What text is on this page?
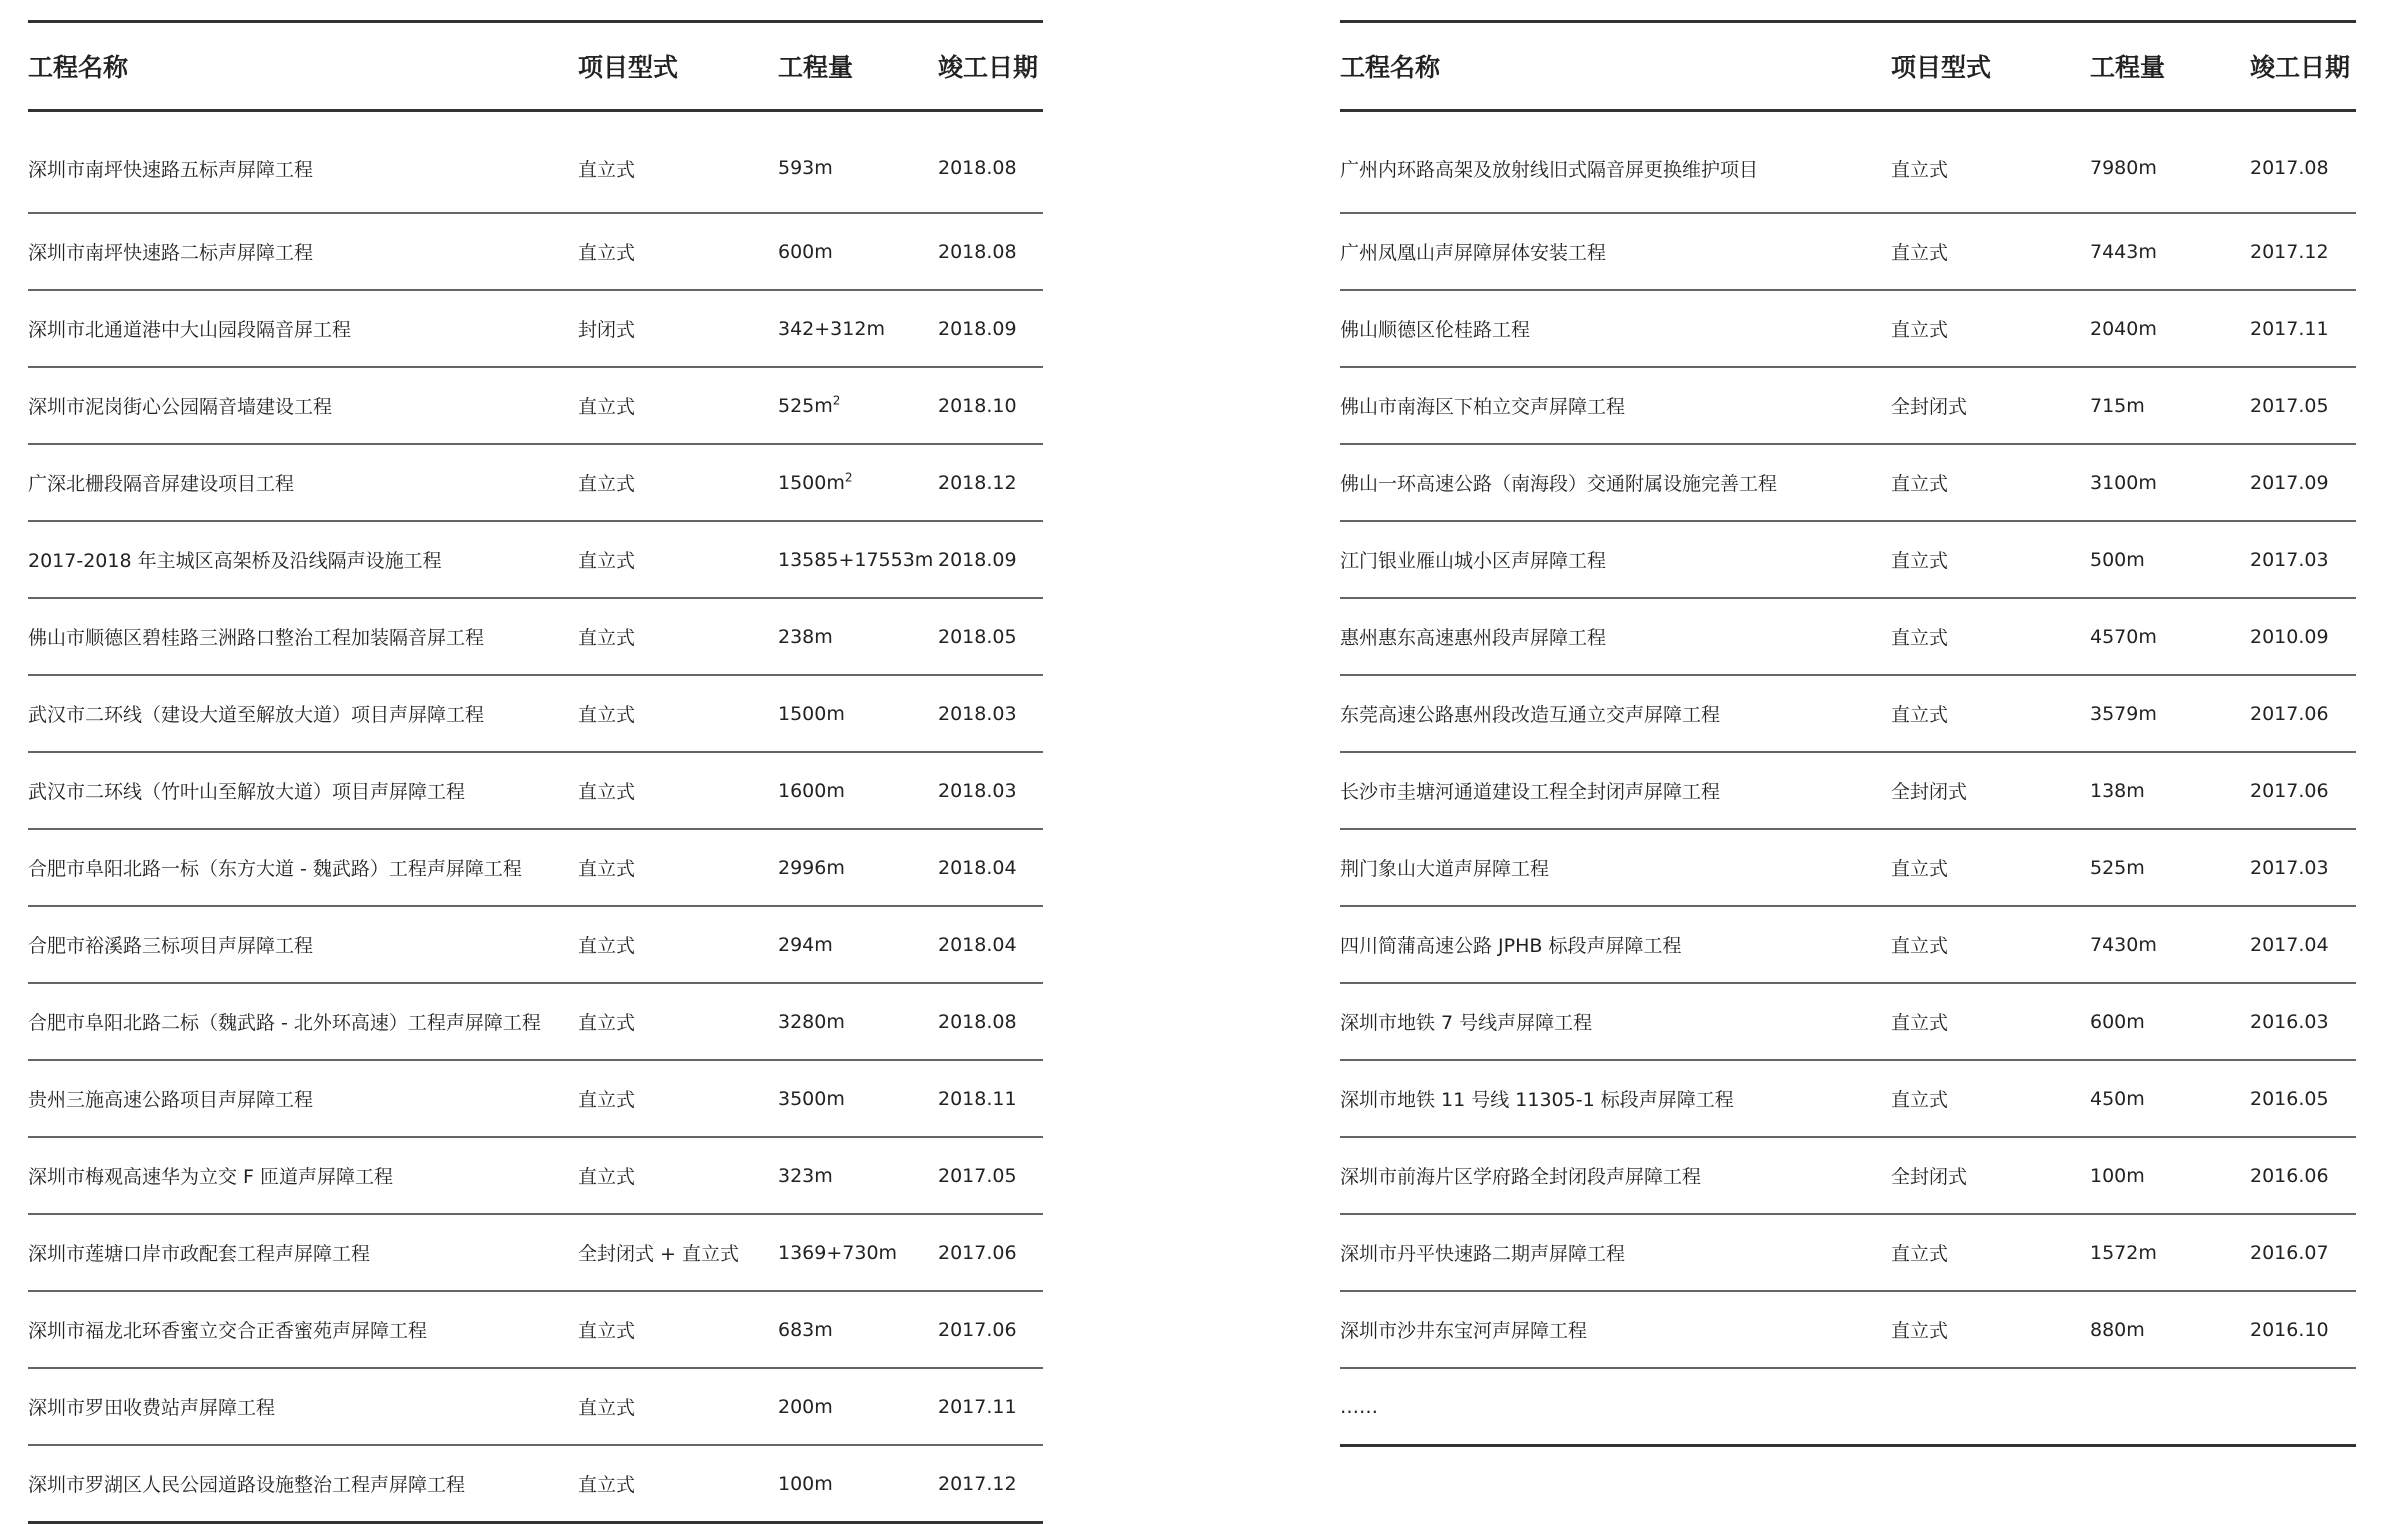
工程名称	项目型式	工程量	竣工日期
深圳市南坪快速路五标声屏障工程	直立式	593m	2018.08
深圳市南坪快速路二标声屏障工程	直立式	600m	2018.08
深圳市北通道港中大山园段隔音屏工程	封闭式	342+312m	2018.09
深圳市泥岗街心公园隔音墙建设工程	直立式	$525m^2$	2018.10
广深北栅段隔音屏建设项目工程	直立式	$1500m^2$	2018.12
2017-2018 年主城区高架桥及沿线隔声设施工程	直立式	13585+17553m 2018.09
佛山市顺德区碧桂路三洲路口整治工程加装隔音屏工程	直立式	238m	2018.05
武汉市二环线（建设大道至解放大道）项目声屏障工程	直立式	1500m	2018.03
武汉市二环线（竹叶山至解放大道）项目声屏障工程	直立式	1600m	2018.03
合肥市阜阳北路一标（东方大道 - 魏武路）工程声屏障工程	直立式	2996m	2018.04
合肥市裕溪路三标项目声屏障工程	直立式	294m	2018.04
合肥市阜阳北路二标（魏武路 - 北外环高速）工程声屏障工程	直立式	3280m	2018.08
贵州三施高速公路项目声屏障工程	直立式	3500m	2018.11
深圳市梅观高速华为立交 F 匝道声屏障工程	直立式	323m	2017.05
深圳市莲塘口岸市政配套工程声屏障工程	全封闭式 + 直立式	1369+730m	2017.06
深圳市福龙北环香蜜立交合正香蜜苑声屏障工程	直立式	683m	2017.06
深圳市罗田收费站声屏障工程	直立式	200m	2017.11
深圳市罗湖区人民公园道路设施整治工程声屏障工程	直立式	100m	2017.12
工程名称	项目型式	工程量	竣工日期
广州内环路高架及放射线旧式隔音屏更换维护项目	直立式	7980m	2017.08
广州凤凰山声屏障屏体安装工程	直立式	7443m	2017.12
佛山顺德区伦桂路工程	直立式	2040m	2017.11
佛山市南海区下柏立交声屏障工程	全封闭式	715m	2017.05
佛山一环高速公路（南海段）交通附属设施完善工程	直立式	3100m	2017.09
江门银业雁山城小区声屏障工程	直立式	500m	2017.03
惠州惠东高速惠州段声屏障工程	直立式	4570m	2010.09
东莞高速公路惠州段改造互通立交声屏障工程	直立式	3579m	2017.06
长沙市圭塘河通道建设工程全封闭声屏障工程	全封闭式	138m	2017.06
荆门象山大道声屏障工程	直立式	525m	2017.03
四川简蒲高速公路 JPHB 标段声屏障工程	直立式	7430m	2017.04
深圳市地铁 7 号线声屏障工程	直立式	600m	2016.03
深圳市地铁 11 号线 11305-1 标段声屏障工程	直立式	450m	2016.05
深圳市前海片区学府路全封闭段声屏障工程	全封闭式	100m	2016.06
深圳市丹平快速路二期声屏障工程	直立式	1572m	2016.07
深圳市沙井东宝河声屏障工程	直立式	880m	2016.10
……
